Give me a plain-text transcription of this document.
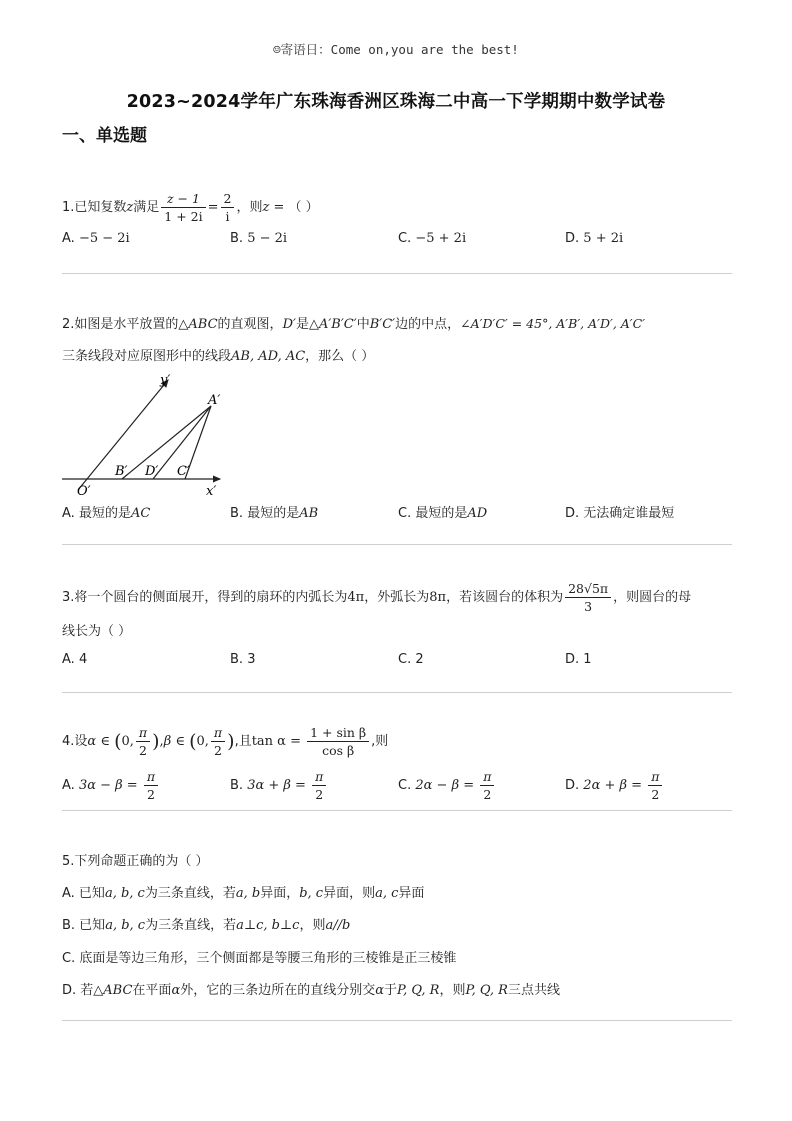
☺寄语日：Come on,you are the best!
2023~2024学年广东珠海香洲区珠海二中高一下学期期中数学试卷
一、单选题
1.已知复数z满足 $\frac{z - 1}{1 + 2i} = \frac{2}{i}$ ，则z = （ ）
A. −5 − 2i	B. 5 − 2i	C. −5 + 2i	D. 5 + 2i
2.如图是水平放置的△ABC的直观图，D′是△A′B′C′中B′C′边的中点，∠A′D′C′ = 45°, A′B′, A′D′, A′C′
三条线段对应原图形中的线段AB, AD, AC，那么（ ）
y′
A′
B′ D′ C′
O′	x′
A. 最短的是AC	B. 最短的是AB	C. 最短的是AD	D. 无法确定谁最短
3.将一个圆台的侧面展开，得到的扇环的内弧长为4π，外弧长为8π，若该圆台的体积为 $\frac{28√5\pi}{3}$ ，则圆台的母
线长为（ ）
A. 4	B. 3	C. 2	D. 1
4.设α ∈ (0, $\frac{\pi}{2} ),\beta$ ∈ (0, $\frac{\pi}{2}$ ),且$\tan \alpha = \frac{\text{1 + sin β}}{\text{cos β}}$ ,则
A. $3\alpha - \beta = \frac{\pi}{2}$	B. $3\alpha + \beta = \frac{\pi}{2}$	C. $2\alpha - \beta = \frac{\pi}{2}$	D. $2\alpha + \beta = \frac{\pi}{2}$
5.下列命题正确的为（ ）
A. 已知a, b, c为三条直线，若a, b异面，b, c异面，则a, c异面
B. 已知a, b, c为三条直线，若a⊥c, b⊥c，则a//b
C. 底面是等边三角形，三个侧面都是等腰三角形的三棱锥是正三棱锥
D. 若△ABC在平面α外，它的三条边所在的直线分别交α于P, Q, R，则P, Q, R三点共线
